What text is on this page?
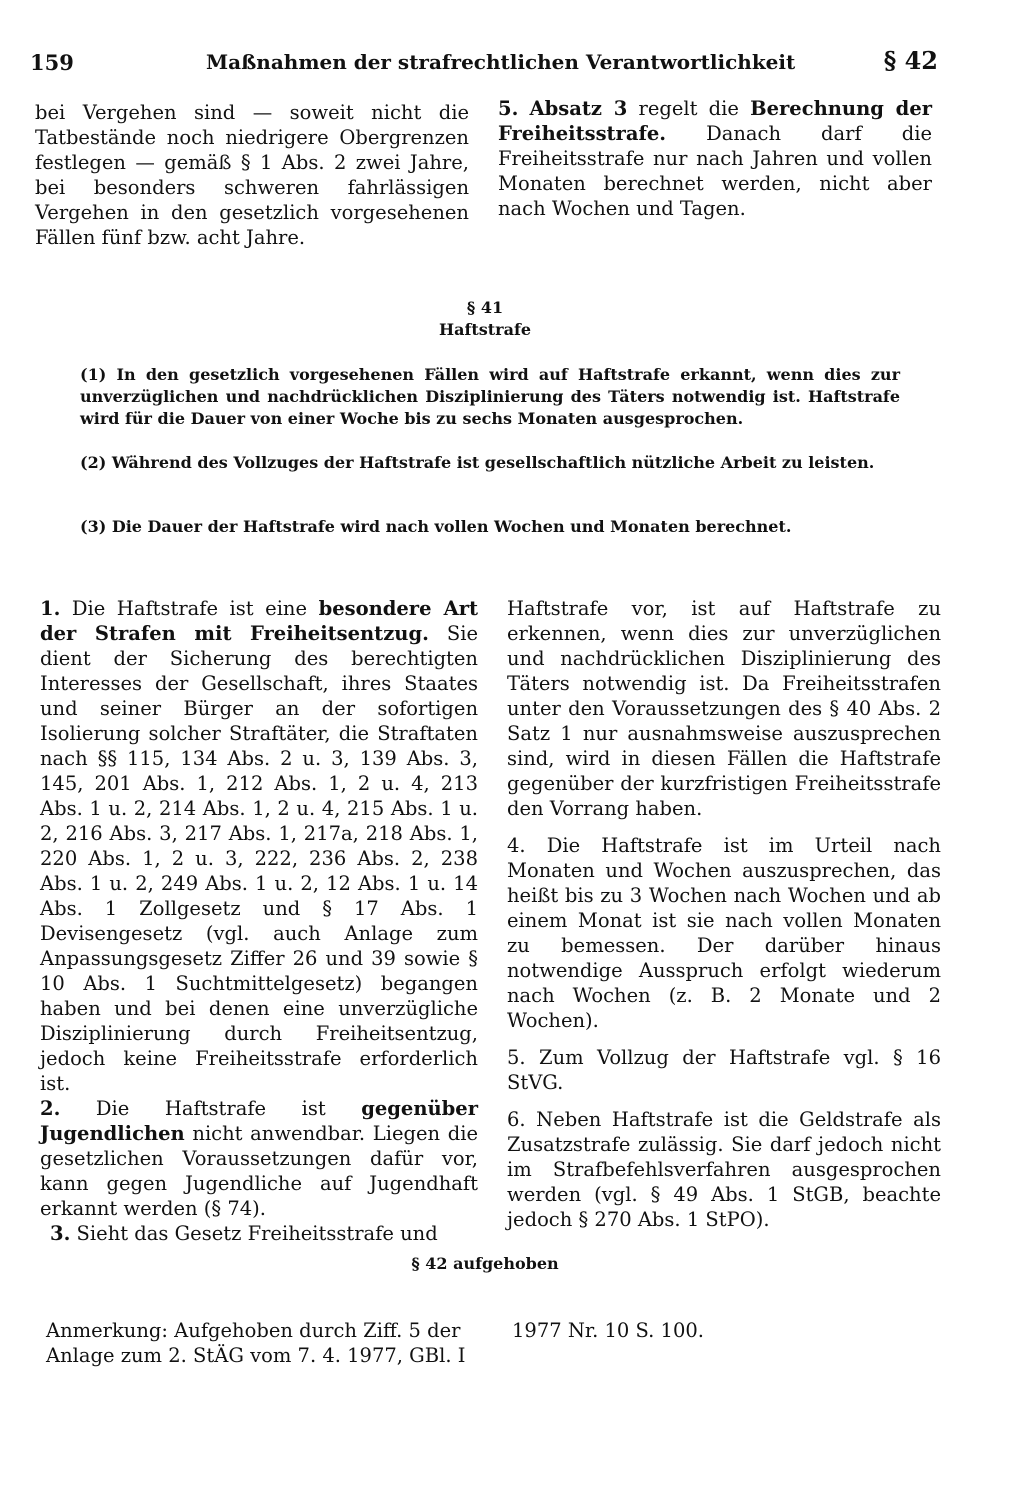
159	Maßnahmen der strafrechtlichen Verantwortlichkeit	§ 42

bei Vergehen sind — soweit nicht die Tatbestände noch niedrigere Obergrenzen festlegen — gemäß § 1 Abs. 2 zwei Jahre, bei besonders schweren fahrlässigen Vergehen in den gesetzlich vorgesehenen Fällen fünf bzw. acht Jahre.

5. Absatz 3 regelt die Berechnung der Freiheitsstrafe. Danach darf die Freiheitsstrafe nur nach Jahren und vollen Monaten berechnet werden, nicht aber nach Wochen und Tagen.

§ 41
Haftstrafe

(1) In den gesetzlich vorgesehenen Fällen wird auf Haftstrafe erkannt, wenn dies zur unverzüglichen und nachdrücklichen Disziplinierung des Täters notwendig ist. Haftstrafe wird für die Dauer von einer Woche bis zu sechs Monaten ausgesprochen.

(2) Während des Vollzuges der Haftstrafe ist gesellschaftlich nützliche Arbeit zu leisten.

(3) Die Dauer der Haftstrafe wird nach vollen Wochen und Monaten berechnet.

1. Die Haftstrafe ist eine besondere Art der Strafen mit Freiheitsentzug. Sie dient der Sicherung des berechtigten Interesses der Gesellschaft, ihres Staates und seiner Bürger an der sofortigen Isolierung solcher Straftäter, die Straftaten nach §§ 115, 134 Abs. 2 u. 3, 139 Abs. 3, 145, 201 Abs. 1, 212 Abs. 1, 2 u. 4, 213 Abs. 1 u. 2, 214 Abs. 1, 2 u. 4, 215 Abs. 1 u. 2, 216 Abs. 3, 217 Abs. 1, 217a, 218 Abs. 1, 220 Abs. 1, 2 u. 3, 222, 236 Abs. 2, 238 Abs. 1 u. 2, 249 Abs. 1 u. 2, 12 Abs. 1 u. 14 Abs. 1 Zollgesetz und § 17 Abs. 1 Devisengesetz (vgl. auch Anlage zum Anpassungsgesetz Ziffer 26 und 39 sowie § 10 Abs. 1 Suchtmittelgesetz) begangen haben und bei denen eine unverzügliche Disziplinierung durch Freiheitsentzug, jedoch keine Freiheitsstrafe erforderlich ist.

2. Die Haftstrafe ist gegenüber Jugendlichen nicht anwendbar. Liegen die gesetzlichen Voraussetzungen dafür vor, kann gegen Jugendliche auf Jugendhaft erkannt werden (§ 74).

3. Sieht das Gesetz Freiheitsstrafe und

Haftstrafe vor, ist auf Haftstrafe zu erkennen, wenn dies zur unverzüglichen und nachdrücklichen Disziplinierung des Täters notwendig ist. Da Freiheitsstrafen unter den Voraussetzungen des § 40 Abs. 2 Satz 1 nur ausnahmsweise auszusprechen sind, wird in diesen Fällen die Haftstrafe gegenüber der kurzfristigen Freiheitsstrafe den Vorrang haben.

4. Die Haftstrafe ist im Urteil nach Monaten und Wochen auszusprechen, das heißt bis zu 3 Wochen nach Wochen und ab einem Monat ist sie nach vollen Monaten zu bemessen. Der darüber hinaus notwendige Ausspruch erfolgt wiederum nach Wochen (z. B. 2 Monate und 2 Wochen).

5. Zum Vollzug der Haftstrafe vgl. § 16 StVG.

6. Neben Haftstrafe ist die Geldstrafe als Zusatzstrafe zulässig. Sie darf jedoch nicht im Strafbefehlsverfahren ausgesprochen werden (vgl. § 49 Abs. 1 StGB, beachte jedoch § 270 Abs. 1 StPO).

§ 42 aufgehoben
Anmerkung: Aufgehoben durch Ziff. 5 der Anlage zum 2. StÄG vom 7. 4. 1977, GBl. I
1977 Nr. 10 S. 100.
